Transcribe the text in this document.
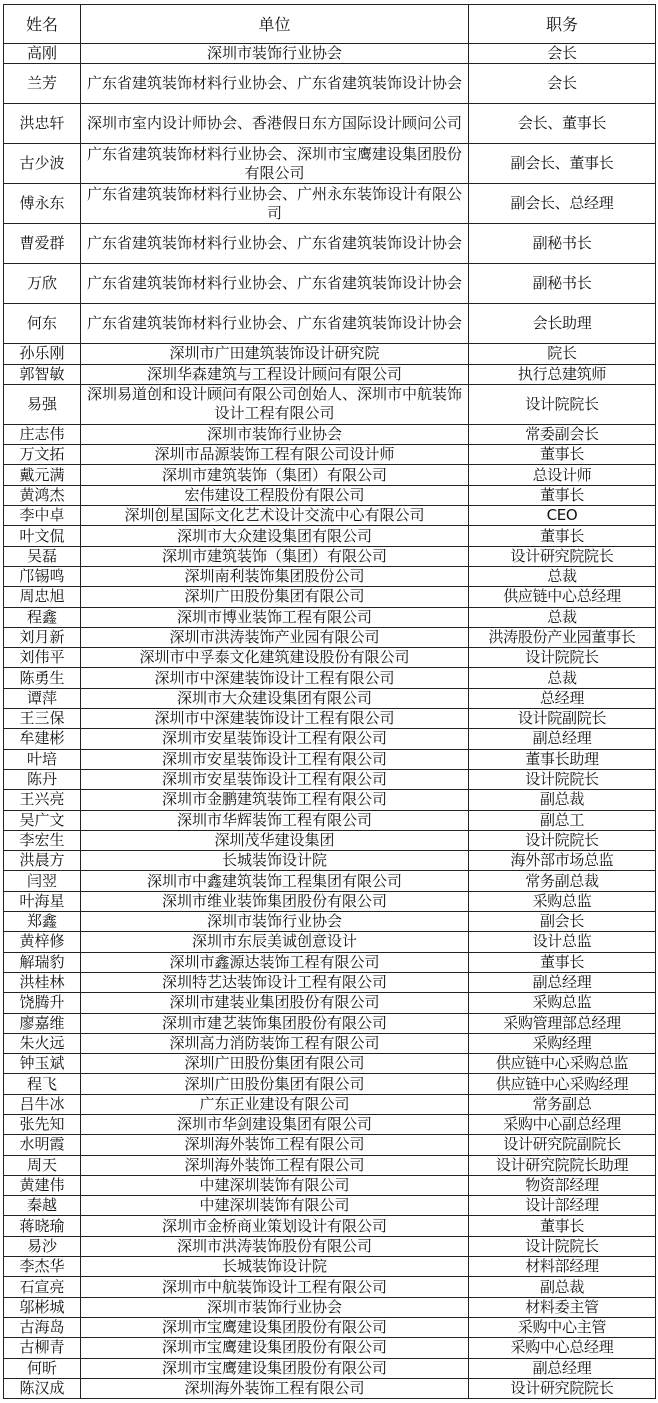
姓名	单位	职务
高刚	深圳市装饰行业协会	会长
兰芳	广东省建筑装饰材料行业协会、广东省建筑装饰设计协会	会长
洪忠轩	深圳市室内设计师协会、香港假日东方国际设计顾问公司	会长、董事长
古少波	广东省建筑装饰材料行业协会、深圳市宝鹰建设集团股份有限公司	副会长、董事长
傅永东	广东省建筑装饰材料行业协会、广州永东装饰设计有限公司	副会长、总经理
曹爱群	广东省建筑装饰材料行业协会、广东省建筑装饰设计协会	副秘书长
万欣	广东省建筑装饰材料行业协会、广东省建筑装饰设计协会	副秘书长
何东	广东省建筑装饰材料行业协会、广东省建筑装饰设计协会	会长助理
孙乐刚	深圳市广田建筑装饰设计研究院	院长
郭智敏	深圳华森建筑与工程设计顾问有限公司	执行总建筑师
易强	深圳易道创和设计顾问有限公司创始人、深圳市中航装饰设计工程有限公司	设计院院长
庄志伟	深圳市装饰行业协会	常委副会长
万文拓	深圳市品源装饰工程有限公司设计师	董事长
戴元满	深圳市建筑装饰（集团）有限公司	总设计师
黄鸿杰	宏伟建设工程股份有限公司	董事长
李中卓	深圳创星国际文化艺术设计交流中心有限公司	CEO
叶文侃	深圳市大众建设集团有限公司	董事长
吴磊	深圳市建筑装饰（集团）有限公司	设计研究院院长
邝锡鸣	深圳南利装饰集团股份公司	总裁
周忠旭	深圳广田股份集团有限公司	供应链中心总经理
程鑫	深圳市博业装饰工程有限公司	总裁
刘月新	深圳市洪涛装饰产业园有限公司	洪涛股份产业园董事长
刘伟平	深圳市中孚泰文化建筑建设股份有限公司	设计院院长
陈勇生	深圳市中深建装饰设计工程有限公司	总裁
谭萍	深圳市大众建设集团有限公司	总经理
王三保	深圳市中深建装饰设计工程有限公司	设计院副院长
牟建彬	深圳市安星装饰设计工程有限公司	副总经理
叶培	深圳市安星装饰设计工程有限公司	董事长助理
陈丹	深圳市安星装饰设计工程有限公司	设计院院长
王兴亮	深圳市金鹏建筑装饰工程有限公司	副总裁
吴广文	深圳市华辉装饰工程有限公司	副总工
李宏生	深圳茂华建设集团	设计院院长
洪晨方	长城装饰设计院	海外部市场总监
闫翌	深圳市中鑫建筑装饰工程集团有限公司	常务副总裁
叶海星	深圳市维业装饰集团股份有限公司	采购总监
郑鑫	深圳市装饰行业协会	副会长
黄梓修	深圳市东辰美诚创意设计	设计总监
解瑞豹	深圳市鑫源达装饰工程有限公司	董事长
洪桂林	深圳特艺达装饰设计工程有限公司	副总经理
饶腾升	深圳市建装业集团股份有限公司	采购总监
廖嘉维	深圳市建艺装饰集团股份有限公司	采购管理部总经理
朱火远	深圳高力消防装饰工程有限公司	采购经理
钟玉斌	深圳广田股份集团有限公司	供应链中心采购总监
程飞	深圳广田股份集团有限公司	供应链中心采购经理
吕牛冰	广东正业建设有限公司	常务副总
张先知	深圳市华剑建设集团有限公司	采购中心副总经理
水明霞	深圳海外装饰工程有限公司	设计研究院副院长
周天	深圳海外装饰工程有限公司	设计研究院院长助理
黄建伟	中建深圳装饰有限公司	物资部经理
秦越	中建深圳装饰有限公司	设计部经理
蒋晓瑜	深圳市金桥商业策划设计有限公司	董事长
易沙	深圳市洪涛装饰股份有限公司	设计院院长
李杰华	长城装饰设计院	材料部经理
石宣亮	深圳市中航装饰设计工程有限公司	副总裁
邬彬城	深圳市装饰行业协会	材料委主管
古海岛	深圳市宝鹰建设集团股份有限公司	采购中心主管
古柳青	深圳市宝鹰建设集团股份有限公司	采购中心总经理
何昕	深圳市宝鹰建设集团股份有限公司	副总经理
陈汉成	深圳海外装饰工程有限公司	设计研究院院长
